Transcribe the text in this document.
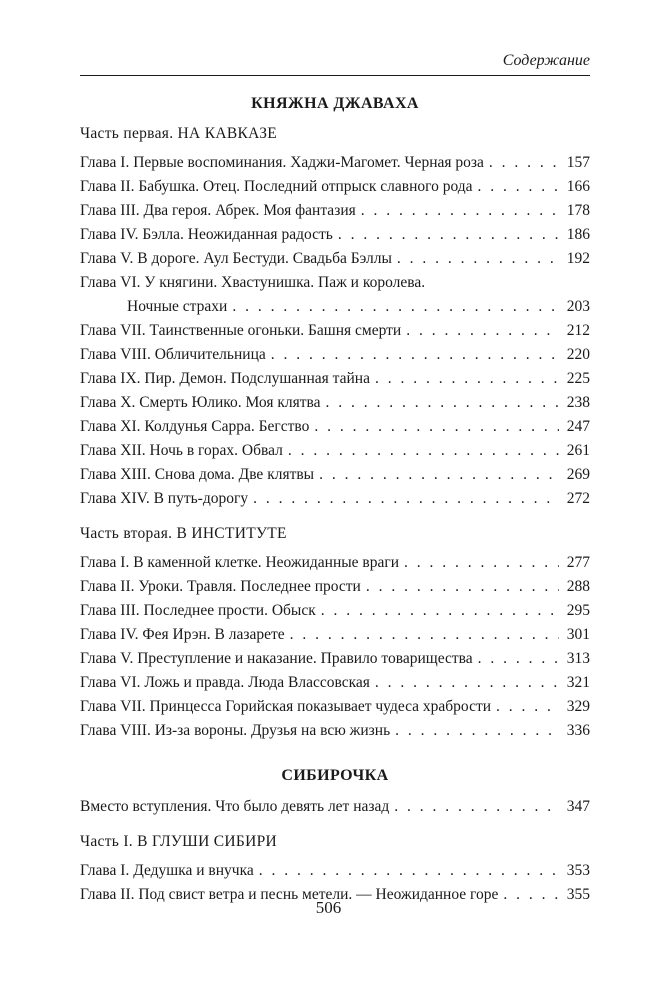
Содержание
КНЯЖНА ДЖАВАХА
Часть первая. НА КАВКАЗЕ
Глава I. Первые воспоминания. Хаджи-Магомет. Черная роза . . .	157
Глава II. Бабушка. Отец. Последний отпрыск славного рода . . .	166
Глава III. Два героя. Абрек. Моя фантазия . . .	178
Глава IV. Бэлла. Неожиданная радость . . .	186
Глава V. В дороге. Аул Бестуди. Свадьба Бэллы . . .	192
Глава VI. У княгини. Хвастунишка. Паж и королева.
Ночные страхи . . .	203
Глава VII. Таинственные огоньки. Башня смерти . . .	212
Глава VIII. Обличительница . . .	220
Глава IX. Пир. Демон. Подслушанная тайна . . .	225
Глава X. Смерть Юлико. Моя клятва . . .	238
Глава XI. Колдунья Сарра. Бегство . . .	247
Глава XII. Ночь в горах. Обвал . . .	261
Глава XIII. Снова дома. Две клятвы . . .	269
Глава XIV. В путь-дорогу . . .	272
Часть вторая. В ИНСТИТУТЕ
Глава I. В каменной клетке. Неожиданные враги . . .	277
Глава II. Уроки. Травля. Последнее прости . . .	288
Глава III. Последнее прости. Обыск . . .	295
Глава IV. Фея Ирэн. В лазарете . . .	301
Глава V. Преступление и наказание. Правило товарищества . . .	313
Глава VI. Ложь и правда. Люда Влассовская . . .	321
Глава VII. Принцесса Горийская показывает чудеса храбрости . . .	329
Глава VIII. Из-за вороны. Друзья на всю жизнь . . .	336
СИБИРОЧКА
Вместо вступления. Что было девять лет назад . . .	347
Часть I. В ГЛУШИ СИБИРИ
Глава I. Дедушка и внучка . . .	353
Глава II. Под свист ветра и песнь метели. — Неожиданное горе . . .	355
506
